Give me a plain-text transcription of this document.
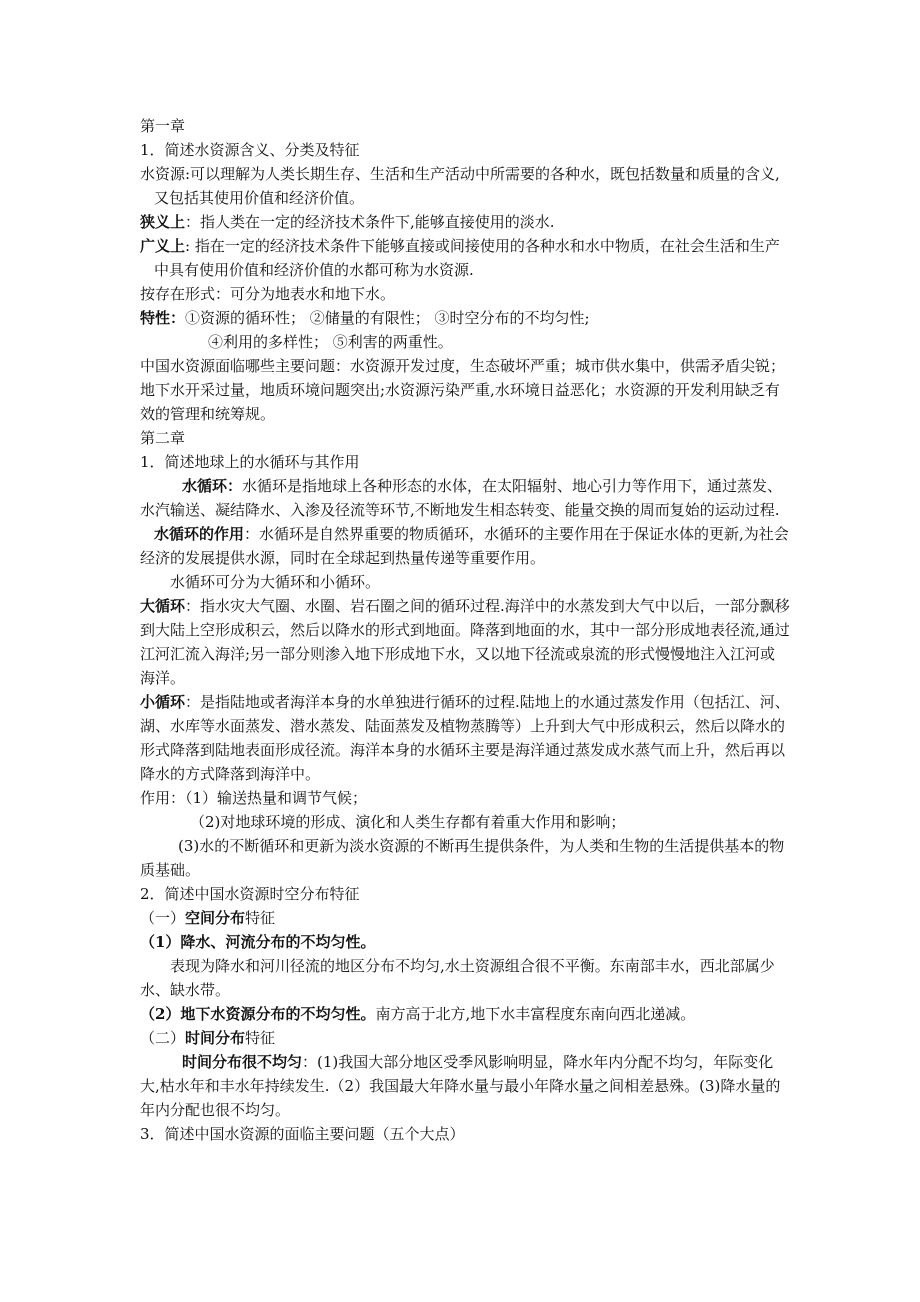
第一章

1．简述水资源含义、分类及特征

水资源:可以理解为人类长期生存、生活和生产活动中所需要的各种水，既包括数量和质量的含义,又包括其使用价值和经济价值。

狭义上：指人类在一定的经济技术条件下,能够直接使用的淡水.

广义上: 指在一定的经济技术条件下能够直接或间接使用的各种水和水中物质，在社会生活和生产中具有使用价值和经济价值的水都可称为水资源.

按存在形式：可分为地表水和地下水。

特性：①资源的循环性； ②储量的有限性； ③时空分布的不均匀性;

④利用的多样性； ⑤利害的两重性。

中国水资源面临哪些主要问题：水资源开发过度，生态破坏严重；城市供水集中，供需矛盾尖锐；地下水开采过量，地质环境问题突出;水资源污染严重,水环境日益恶化；水资源的开发利用缺乏有效的管理和统筹规。

第二章

1．简述地球上的水循环与其作用

水循环：水循环是指地球上各种形态的水体，在太阳辐射、地心引力等作用下，通过蒸发、水汽输送、凝结降水、入渗及径流等环节,不断地发生相态转变、能量交换的周而复始的运动过程.

水循环的作用：水循环是自然界重要的物质循环，水循环的主要作用在于保证水体的更新,为社会经济的发展提供水源，同时在全球起到热量传递等重要作用。

水循环可分为大循环和小循环。

大循环：指水灾大气圈、水圈、岩石圈之间的循环过程.海洋中的水蒸发到大气中以后，一部分飘移到大陆上空形成积云，然后以降水的形式到地面。降落到地面的水，其中一部分形成地表径流,通过江河汇流入海洋;另一部分则渗入地下形成地下水，又以地下径流或泉流的形式慢慢地注入江河或海洋。

小循环：是指陆地或者海洋本身的水单独进行循环的过程.陆地上的水通过蒸发作用（包括江、河、湖、水库等水面蒸发、潜水蒸发、陆面蒸发及植物蒸腾等）上升到大气中形成积云，然后以降水的形式降落到陆地表面形成径流。海洋本身的水循环主要是海洋通过蒸发成水蒸气而上升，然后再以降水的方式降落到海洋中。

作用：（1）输送热量和调节气候；

（2)对地球环境的形成、演化和人类生存都有着重大作用和影响；

(3)水的不断循环和更新为淡水资源的不断再生提供条件，为人类和生物的生活提供基本的物质基础。

2．简述中国水资源时空分布特征

（一）空间分布特征

（1）降水、河流分布的不均匀性。

表现为降水和河川径流的地区分布不均匀,水土资源组合很不平衡。东南部丰水，西北部属少水、缺水带。

（2）地下水资源分布的不均匀性。南方高于北方,地下水丰富程度东南向西北递减。

（二）时间分布特征

时间分布很不均匀：(1)我国大部分地区受季风影响明显，降水年内分配不均匀，年际变化大,枯水年和丰水年持续发生.（2）我国最大年降水量与最小年降水量之间相差悬殊。(3)降水量的年内分配也很不均匀。

3．简述中国水资源的面临主要问题（五个大点）
